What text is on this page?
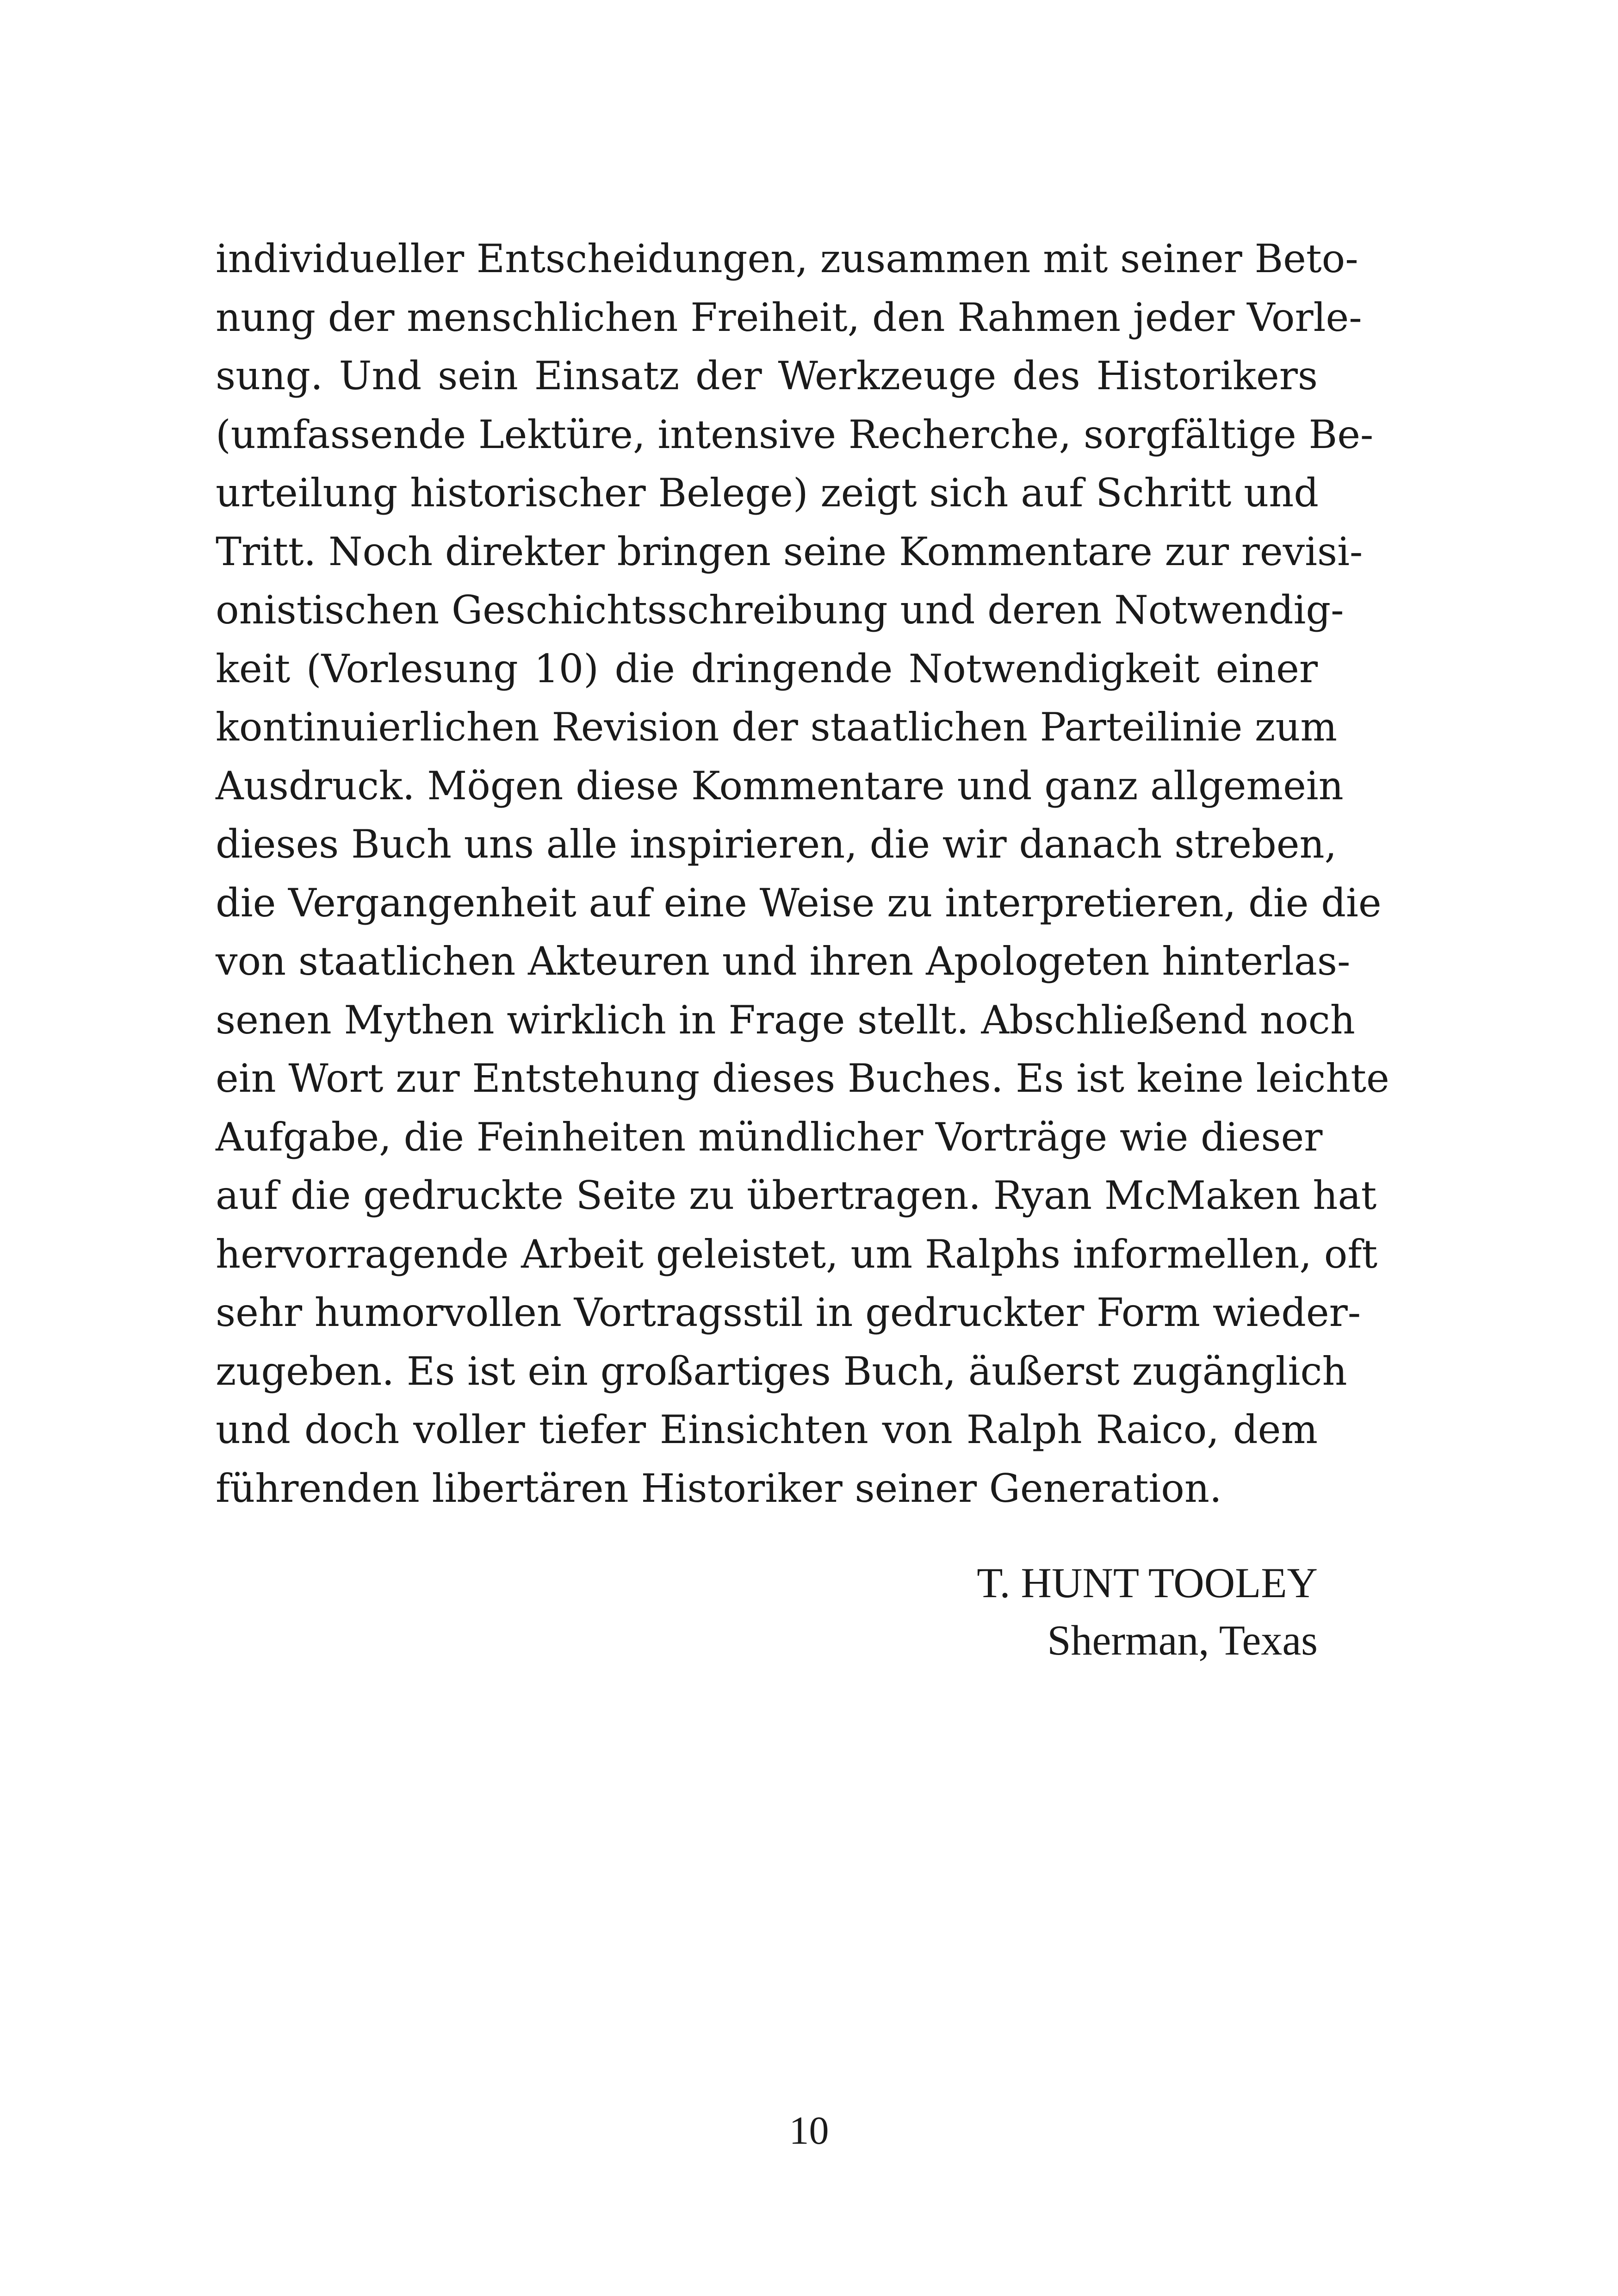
individueller Entscheidungen, zusammen mit seiner Beto-
nung der menschlichen Freiheit, den Rahmen jeder Vorle-
sung. Und sein Einsatz der Werkzeuge des Historikers
(umfassende Lektüre, intensive Recherche, sorgfältige Be-
urteilung historischer Belege) zeigt sich auf Schritt und
Tritt. Noch direkter bringen seine Kommentare zur revisi-
onistischen Geschichtsschreibung und deren Notwendig-
keit (Vorlesung 10) die dringende Notwendigkeit einer
kontinuierlichen Revision der staatlichen Parteilinie zum
Ausdruck. Mögen diese Kommentare und ganz allgemein
dieses Buch uns alle inspirieren, die wir danach streben,
die Vergangenheit auf eine Weise zu interpretieren, die die
von staatlichen Akteuren und ihren Apologeten hinterlas-
senen Mythen wirklich in Frage stellt. Abschließend noch
ein Wort zur Entstehung dieses Buches. Es ist keine leichte
Aufgabe, die Feinheiten mündlicher Vorträge wie dieser
auf die gedruckte Seite zu übertragen. Ryan McMaken hat
hervorragende Arbeit geleistet, um Ralphs informellen, oft
sehr humorvollen Vortragsstil in gedruckter Form wieder-
zugeben. Es ist ein großartiges Buch, äußerst zugänglich
und doch voller tiefer Einsichten von Ralph Raico, dem
führenden libertären Historiker seiner Generation.
T. HUNT TOOLEY
Sherman, Texas
10
